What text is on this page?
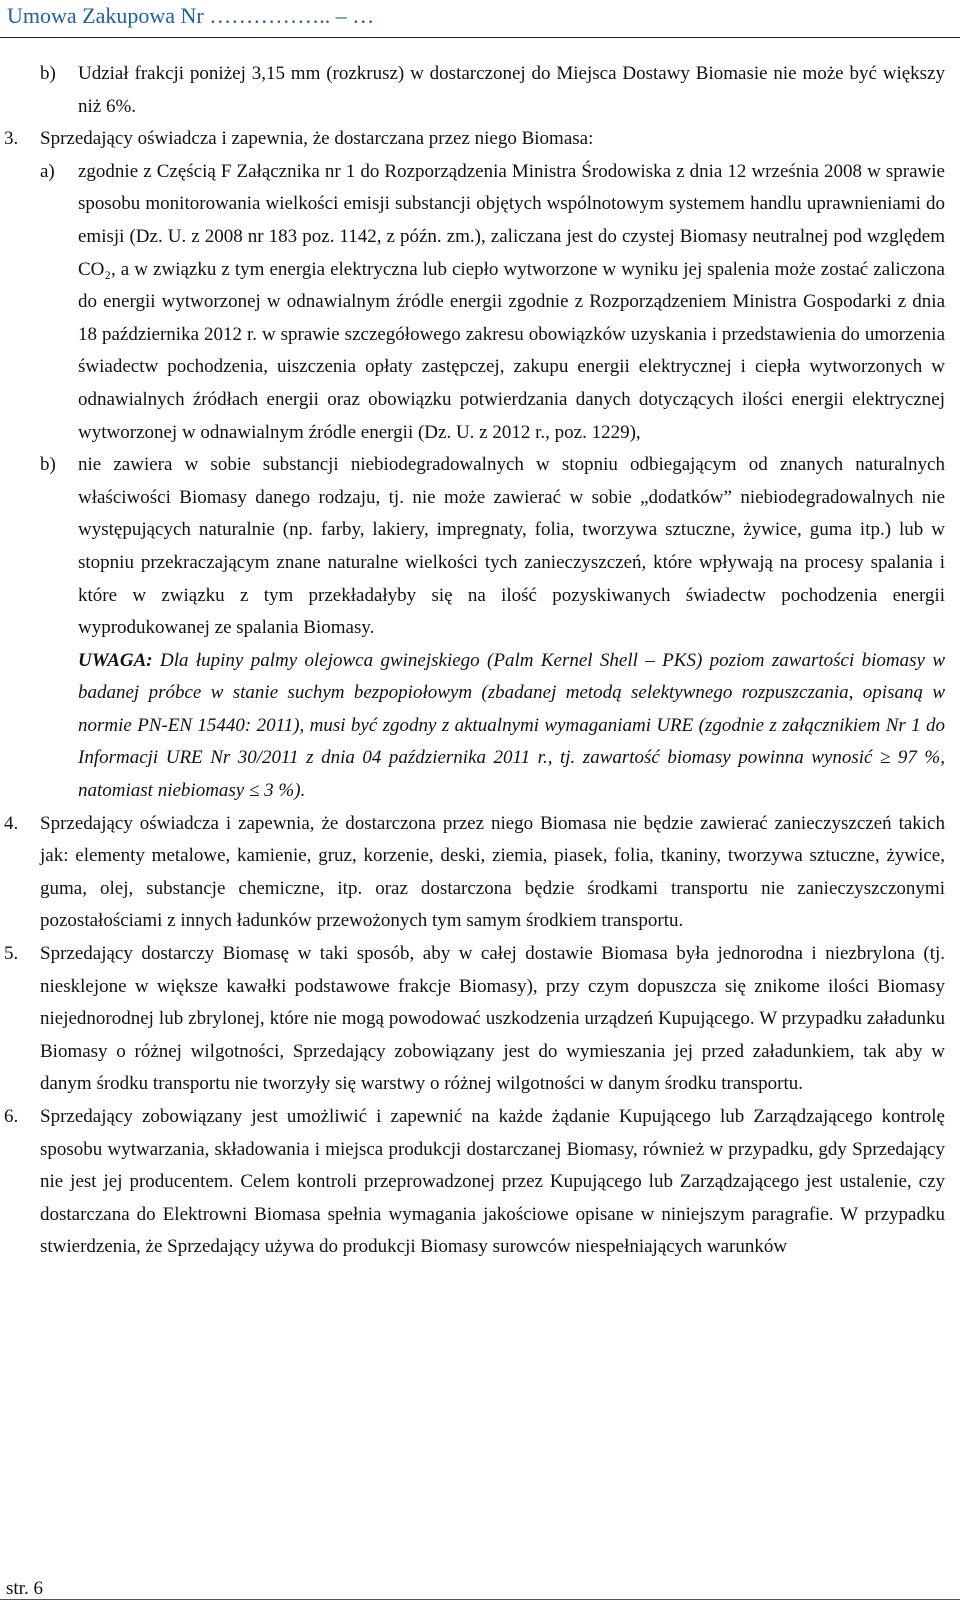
Umowa Zakupowa Nr …………….. – …
b) Udział frakcji poniżej 3,15 mm (rozkrusz) w dostarczonej do Miejsca Dostawy Biomasie nie może być większy niż 6%.
3. Sprzedający oświadcza i zapewnia, że dostarczana przez niego Biomasa:
a) zgodnie z Częścią F Załącznika nr 1 do Rozporządzenia Ministra Środowiska z dnia 12 września 2008 w sprawie sposobu monitorowania wielkości emisji substancji objętych wspólnotowym systemem handlu uprawnieniami do emisji (Dz. U. z 2008 nr 183 poz. 1142, z późn. zm.), zaliczana jest do czystej Biomasy neutralnej pod względem CO₂, a w związku z tym energia elektryczna lub ciepło wytworzone w wyniku jej spalenia może zostać zaliczona do energii wytworzonej w odnawialnym źródle energii zgodnie z Rozporządzeniem Ministra Gospodarki z dnia 18 października 2012 r. w sprawie szczegółowego zakresu obowiązków uzyskania i przedstawienia do umorzenia świadectw pochodzenia, uiszczenia opłaty zastępczej, zakupu energii elektrycznej i ciepła wytworzonych w odnawialnych źródłach energii oraz obowiązku potwierdzania danych dotyczących ilości energii elektrycznej wytworzonej w odnawialnym źródle energii (Dz. U. z 2012 r., poz. 1229),
b) nie zawiera w sobie substancji niebiodegradowalnych w stopniu odbiegającym od znanych naturalnych właściwości Biomasy danego rodzaju, tj. nie może zawierać w sobie „dodatków” niebiodegradowalnych nie występujących naturalnie (np. farby, lakiery, impregnaty, folia, tworzywa sztuczne, żywice, guma itp.) lub w stopniu przekraczającym znane naturalne wielkości tych zanieczyszczeń, które wpływają na procesy spalania i które w związku z tym przekładałyby się na ilość pozyskiwanych świadectw pochodzenia energii wyprodukowanej ze spalania Biomasy.
UWAGA: Dla łupiny palmy olejowca gwinejskiego (Palm Kernel Shell – PKS) poziom zawartości biomasy w badanej próbce w stanie suchym bezpopiołowym (zbadanej metodą selektywnego rozpuszczania, opisaną w normie PN-EN 15440: 2011), musi być zgodny z aktualnymi wymaganiami URE (zgodnie z załącznikiem Nr 1 do Informacji URE Nr 30/2011 z dnia 04 października 2011 r., tj. zawartość biomasy powinna wynosić ≥ 97 %, natomiast niebiomasy ≤ 3 %).
4. Sprzedający oświadcza i zapewnia, że dostarczona przez niego Biomasa nie będzie zawierać zanieczyszczeń takich jak: elementy metalowe, kamienie, gruz, korzenie, deski, ziemia, piasek, folia, tkaniny, tworzywa sztuczne, żywice, guma, olej, substancje chemiczne, itp. oraz dostarczona będzie środkami transportu nie zanieczyszczonymi pozostałościami z innych ładunków przewożonych tym samym środkiem transportu.
5. Sprzedający dostarczy Biomasę w taki sposób, aby w całej dostawie Biomasa była jednorodna i niezbrylona (tj. niesklejone w większe kawałki podstawowe frakcje Biomasy), przy czym dopuszcza się znikome ilości Biomasy niejednorodnej lub zbrylonej, które nie mogą powodować uszkodzenia urządzeń Kupującego. W przypadku załadunku Biomasy o różnej wilgotności, Sprzedający zobowiązany jest do wymieszania jej przed załadunkiem, tak aby w danym środku transportu nie tworzyły się warstwy o różnej wilgotności w danym środku transportu.
6. Sprzedający zobowiązany jest umożliwić i zapewnić na każde żądanie Kupującego lub Zarządzającego kontrolę sposobu wytwarzania, składowania i miejsca produkcji dostarczanej Biomasy, również w przypadku, gdy Sprzedający nie jest jej producentem. Celem kontroli przeprowadzonej przez Kupującego lub Zarządzającego jest ustalenie, czy dostarczana do Elektrowni Biomasa spełnia wymagania jakościowe opisane w niniejszym paragrafie. W przypadku stwierdzenia, że Sprzedający używa do produkcji Biomasy surowców niespełniających warunków
str. 6
